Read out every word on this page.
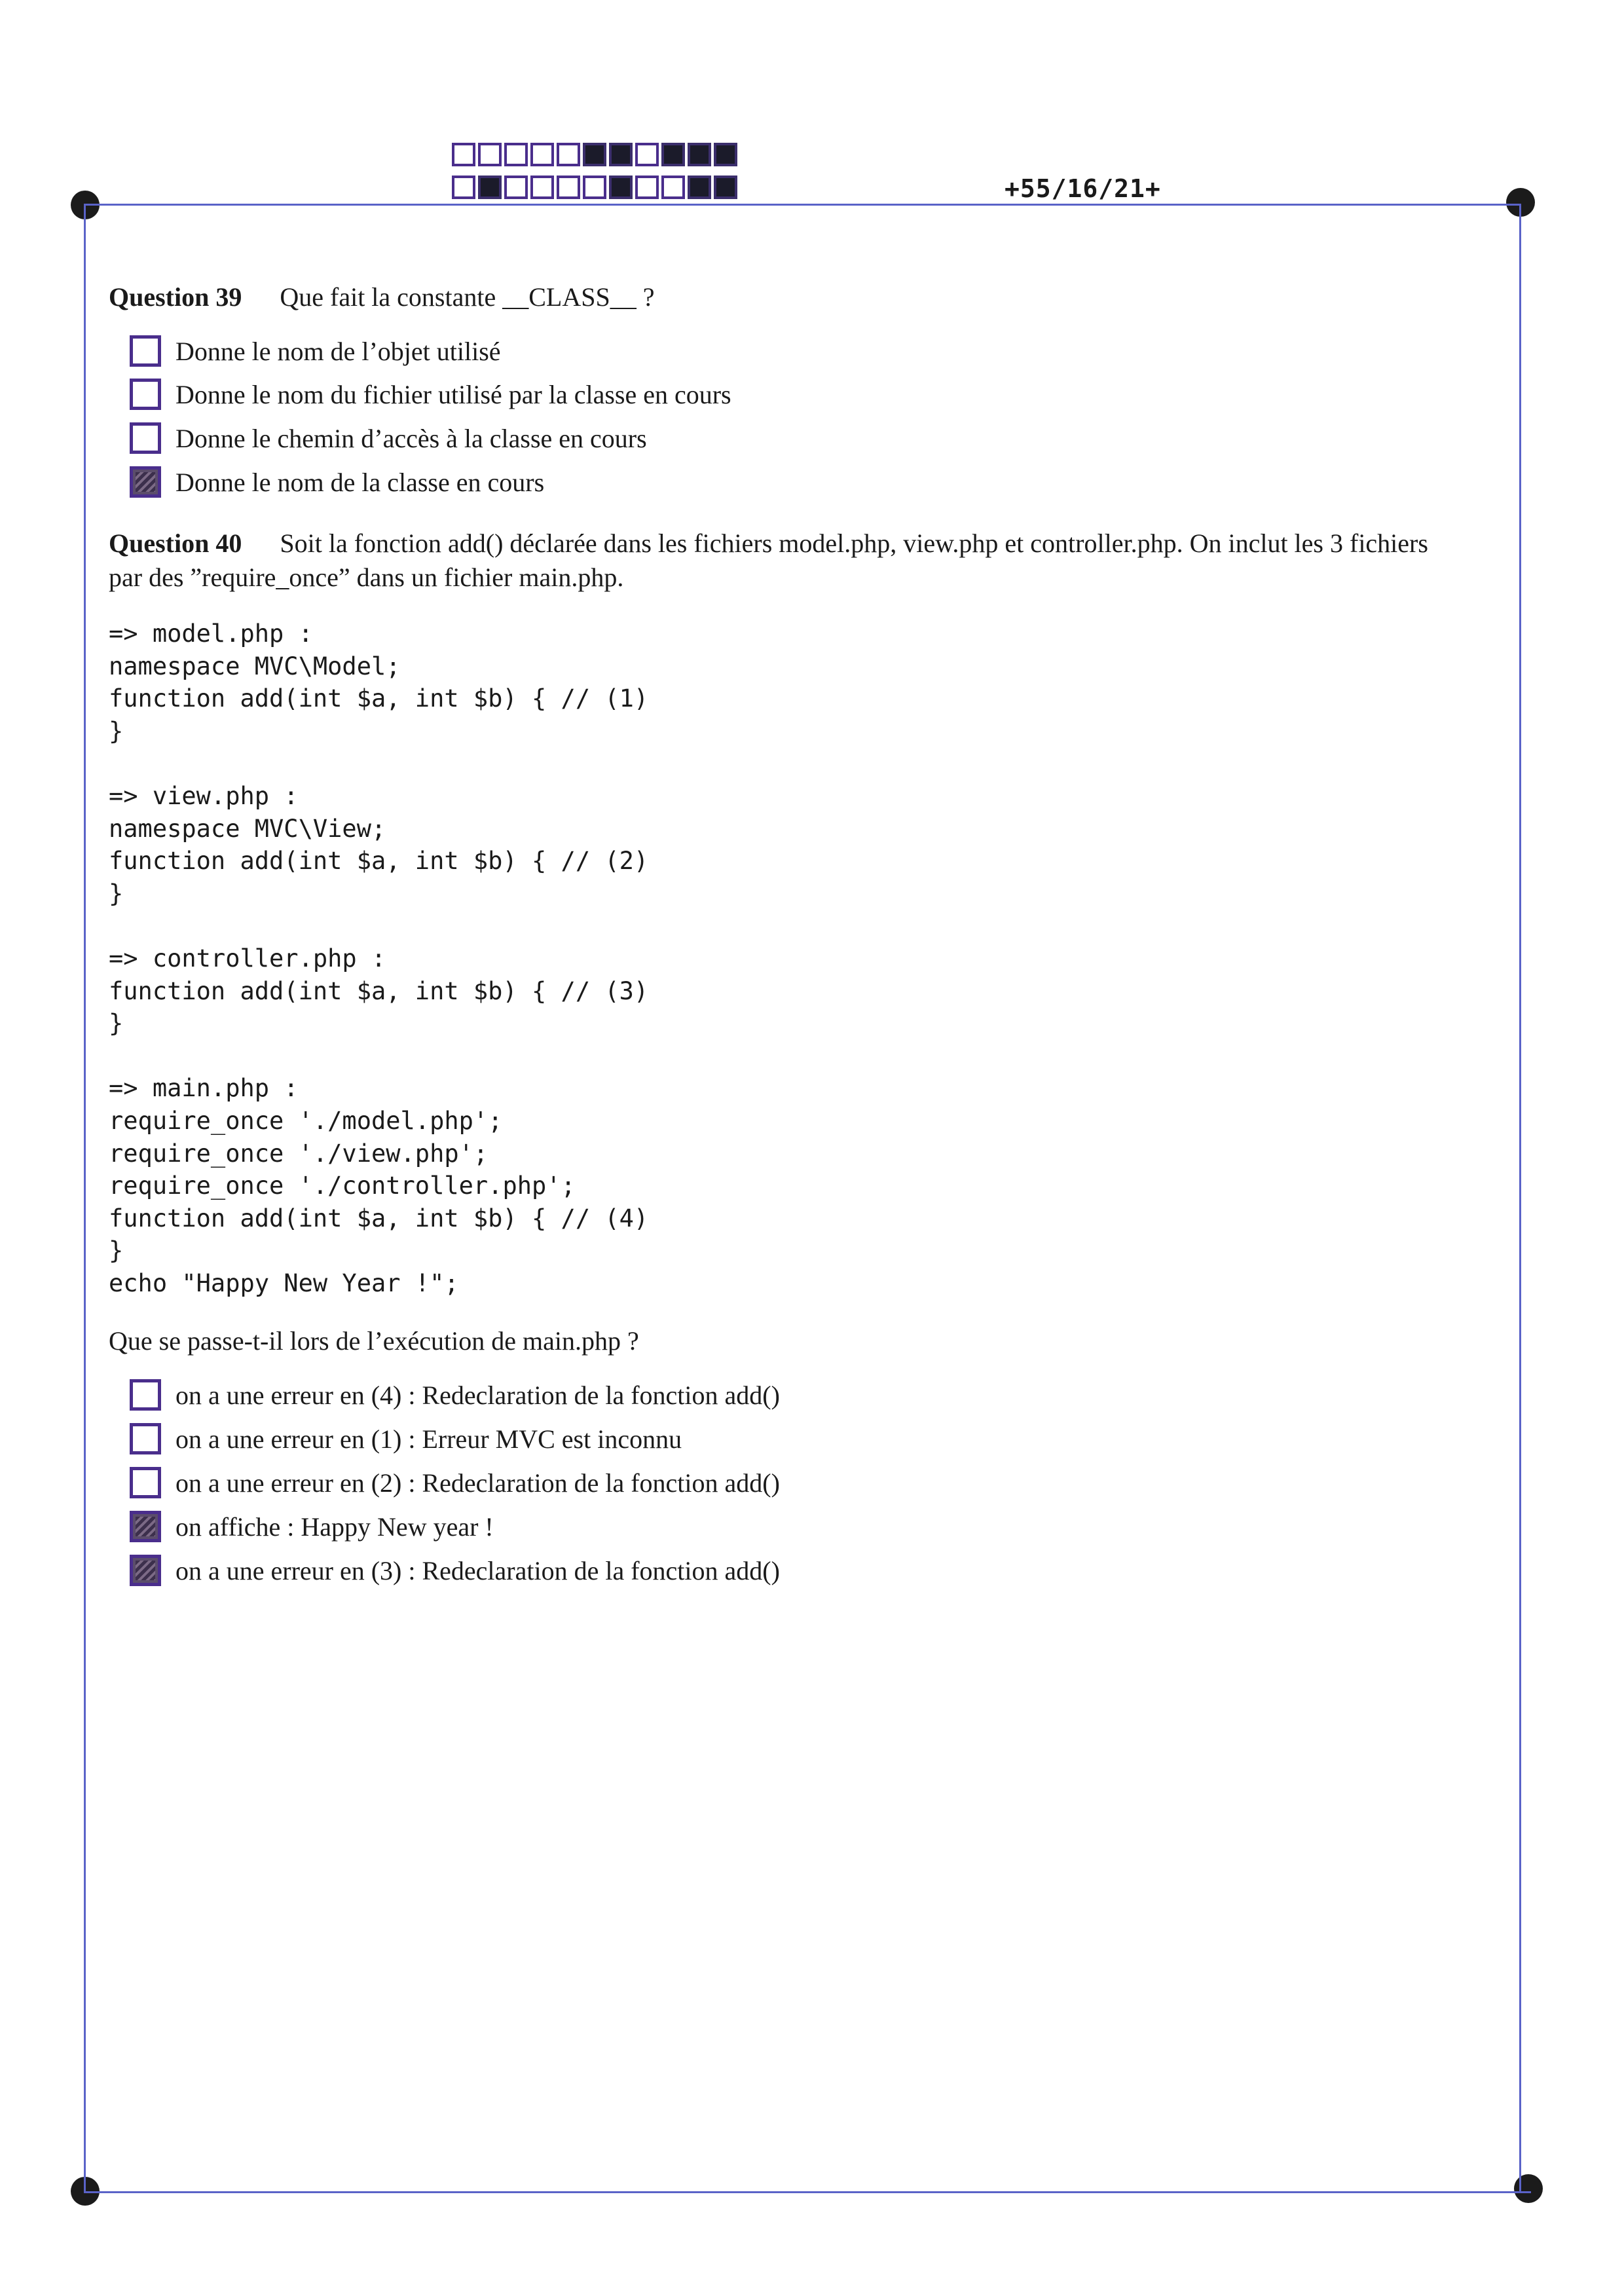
+55/16/21+
Question 39 Que fait la constante __CLASS__ ?
Donne le nom de l’objet utilisé
Donne le nom du fichier utilisé par la classe en cours
Donne le chemin d’accès à la classe en cours
Donne le nom de la classe en cours
Question 40 Soit la fonction add() déclarée dans les fichiers model.php, view.php et controller.php. On inclut les 3 fichiers
par des ”require_once” dans un fichier main.php.
=> model.php :
namespace MVC\Model;
function add(int $a, int $b) { // (1)
}

=> view.php :
namespace MVC\View;
function add(int $a, int $b) { // (2)
}

=> controller.php :
function add(int $a, int $b) { // (3)
}

=> main.php :
require_once './model.php';
require_once './view.php';
require_once './controller.php';
function add(int $a, int $b) { // (4)
}
echo "Happy New Year !";
Que se passe-t-il lors de l’exécution de main.php ?
on a une erreur en (4) : Redeclaration de la fonction add()
on a une erreur en (1) : Erreur MVC est inconnu
on a une erreur en (2) : Redeclaration de la fonction add()
on affiche : Happy New year !
on a une erreur en (3) : Redeclaration de la fonction add()
